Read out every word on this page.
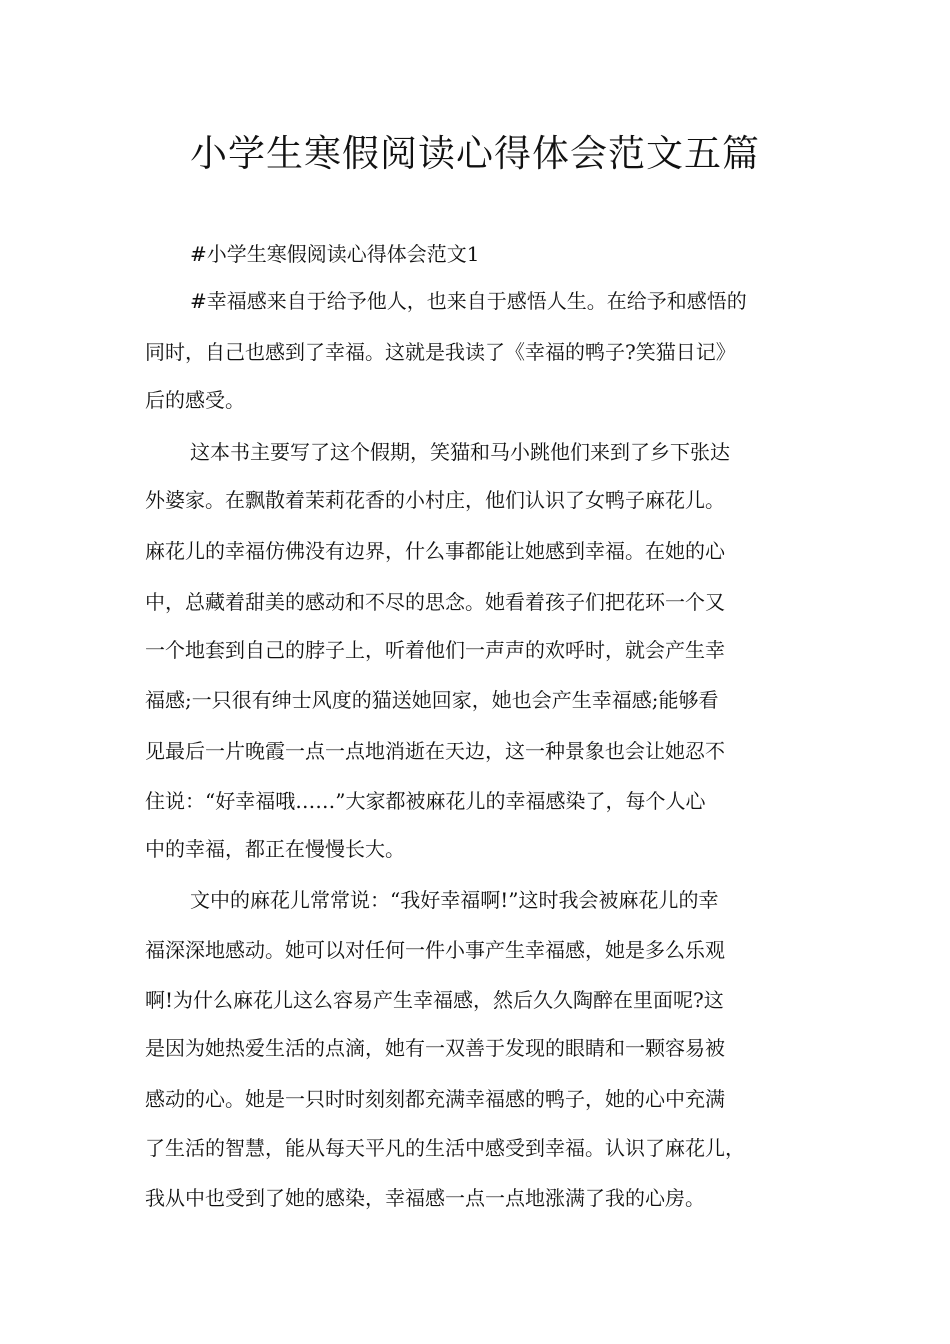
小学生寒假阅读心得体会范文五篇

#小学生寒假阅读心得体会范文1

#幸福感来自于给予他人，也来自于感悟人生。在给予和感悟的

同时，自己也感到了幸福。这就是我读了《幸福的鸭子?笑猫日记》

后的感受。

这本书主要写了这个假期，笑猫和马小跳他们来到了乡下张达

外婆家。在飘散着茉莉花香的小村庄，他们认识了女鸭子麻花儿。

麻花儿的幸福仿佛没有边界，什么事都能让她感到幸福。在她的心

中，总藏着甜美的感动和不尽的思念。她看着孩子们把花环一个又

一个地套到自己的脖子上，听着他们一声声的欢呼时，就会产生幸

福感;一只很有绅士风度的猫送她回家，她也会产生幸福感;能够看

见最后一片晚霞一点一点地消逝在天边，这一种景象也会让她忍不

住说：“好幸福哦……”大家都被麻花儿的幸福感染了，每个人心

中的幸福，都正在慢慢长大。

文中的麻花儿常常说：“我好幸福啊!”这时我会被麻花儿的幸

福深深地感动。她可以对任何一件小事产生幸福感，她是多么乐观

啊!为什么麻花儿这么容易产生幸福感，然后久久陶醉在里面呢?这

是因为她热爱生活的点滴，她有一双善于发现的眼睛和一颗容易被

感动的心。她是一只时时刻刻都充满幸福感的鸭子，她的心中充满

了生活的智慧，能从每天平凡的生活中感受到幸福。认识了麻花儿，

我从中也受到了她的感染，幸福感一点一点地涨满了我的心房。
